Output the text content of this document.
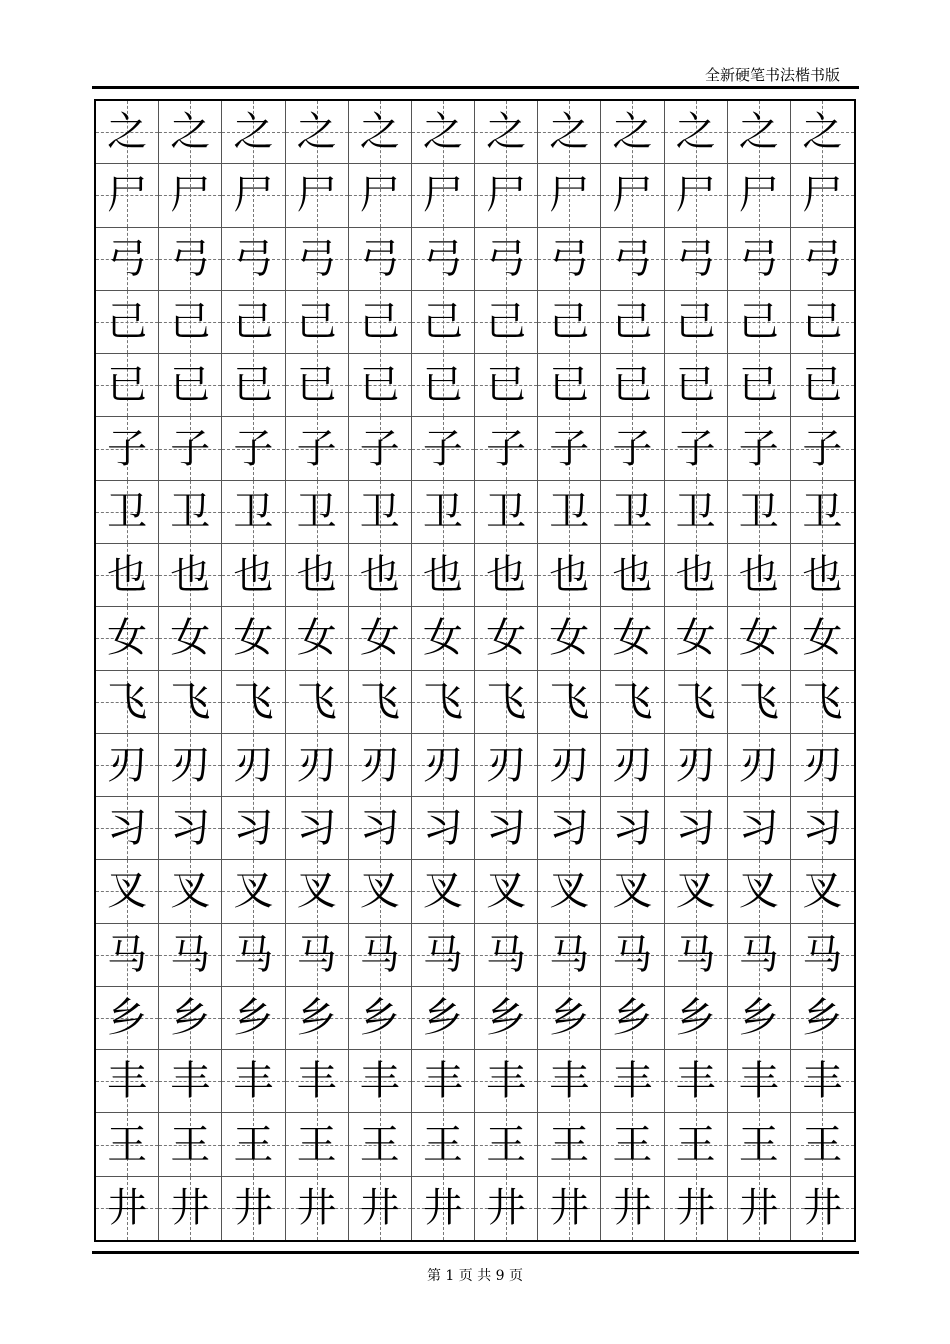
全新硬笔书法楷书版
之 之 之 之 之 之 之 之 之 之 之 之
尸 尸 尸 尸 尸 尸 尸 尸 尸 尸 尸 尸
弓 弓 弓 弓 弓 弓 弓 弓 弓 弓 弓 弓
己 己 己 己 己 己 己 己 己 己 己 己
已 已 已 已 已 已 已 已 已 已 已 已
子 子 子 子 子 子 子 子 子 子 子 子
卫 卫 卫 卫 卫 卫 卫 卫 卫 卫 卫 卫
也 也 也 也 也 也 也 也 也 也 也 也
女 女 女 女 女 女 女 女 女 女 女 女
飞 飞 飞 飞 飞 飞 飞 飞 飞 飞 飞 飞
刃 刃 刃 刃 刃 刃 刃 刃 刃 刃 刃 刃
习 习 习 习 习 习 习 习 习 习 习 习
叉 叉 叉 叉 叉 叉 叉 叉 叉 叉 叉 叉
马 马 马 马 马 马 马 马 马 马 马 马
乡 乡 乡 乡 乡 乡 乡 乡 乡 乡 乡 乡
丰 丰 丰 丰 丰 丰 丰 丰 丰 丰 丰 丰
王 王 王 王 王 王 王 王 王 王 王 王
井 井 井 井 井 井 井 井 井 井 井 井
第 1 页 共 9 页
